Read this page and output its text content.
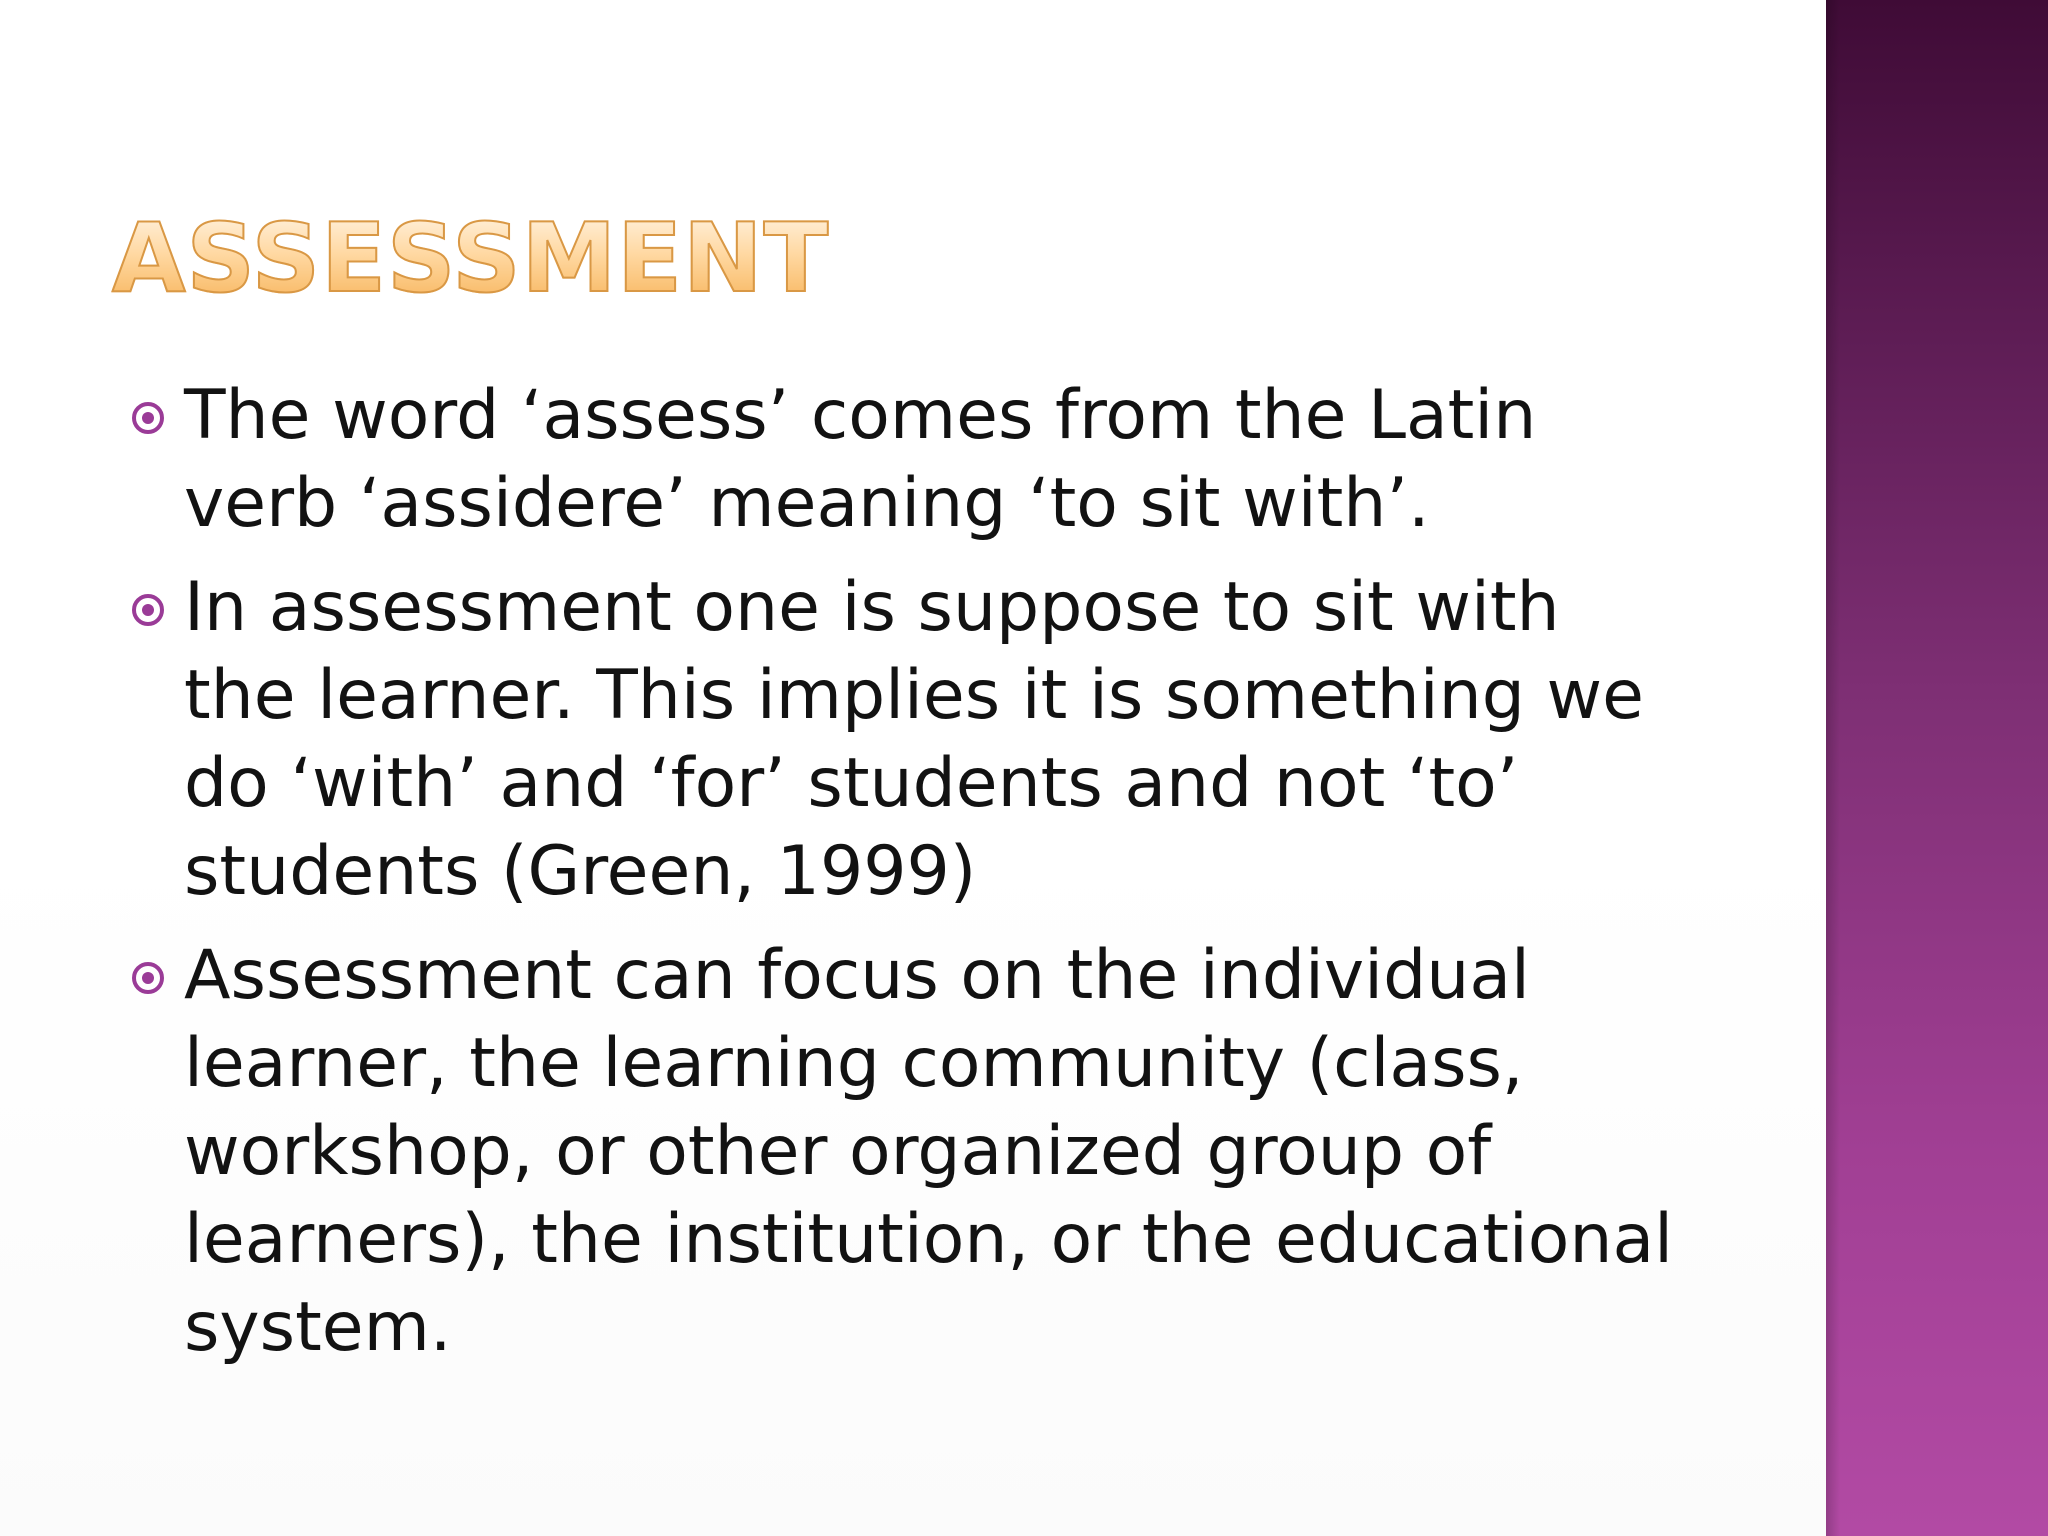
ASSESSMENT
The word ‘assess’ comes from the Latin verb ‘assidere’ meaning ‘to sit with’.
In assessment one is suppose to sit with the learner. This implies it is something we do ‘with’ and ‘for’ students and not ‘to’ students (Green, 1999)
Assessment can focus on the individual learner, the learning community (class, workshop, or other organized group of learners), the institution, or the educational system.
